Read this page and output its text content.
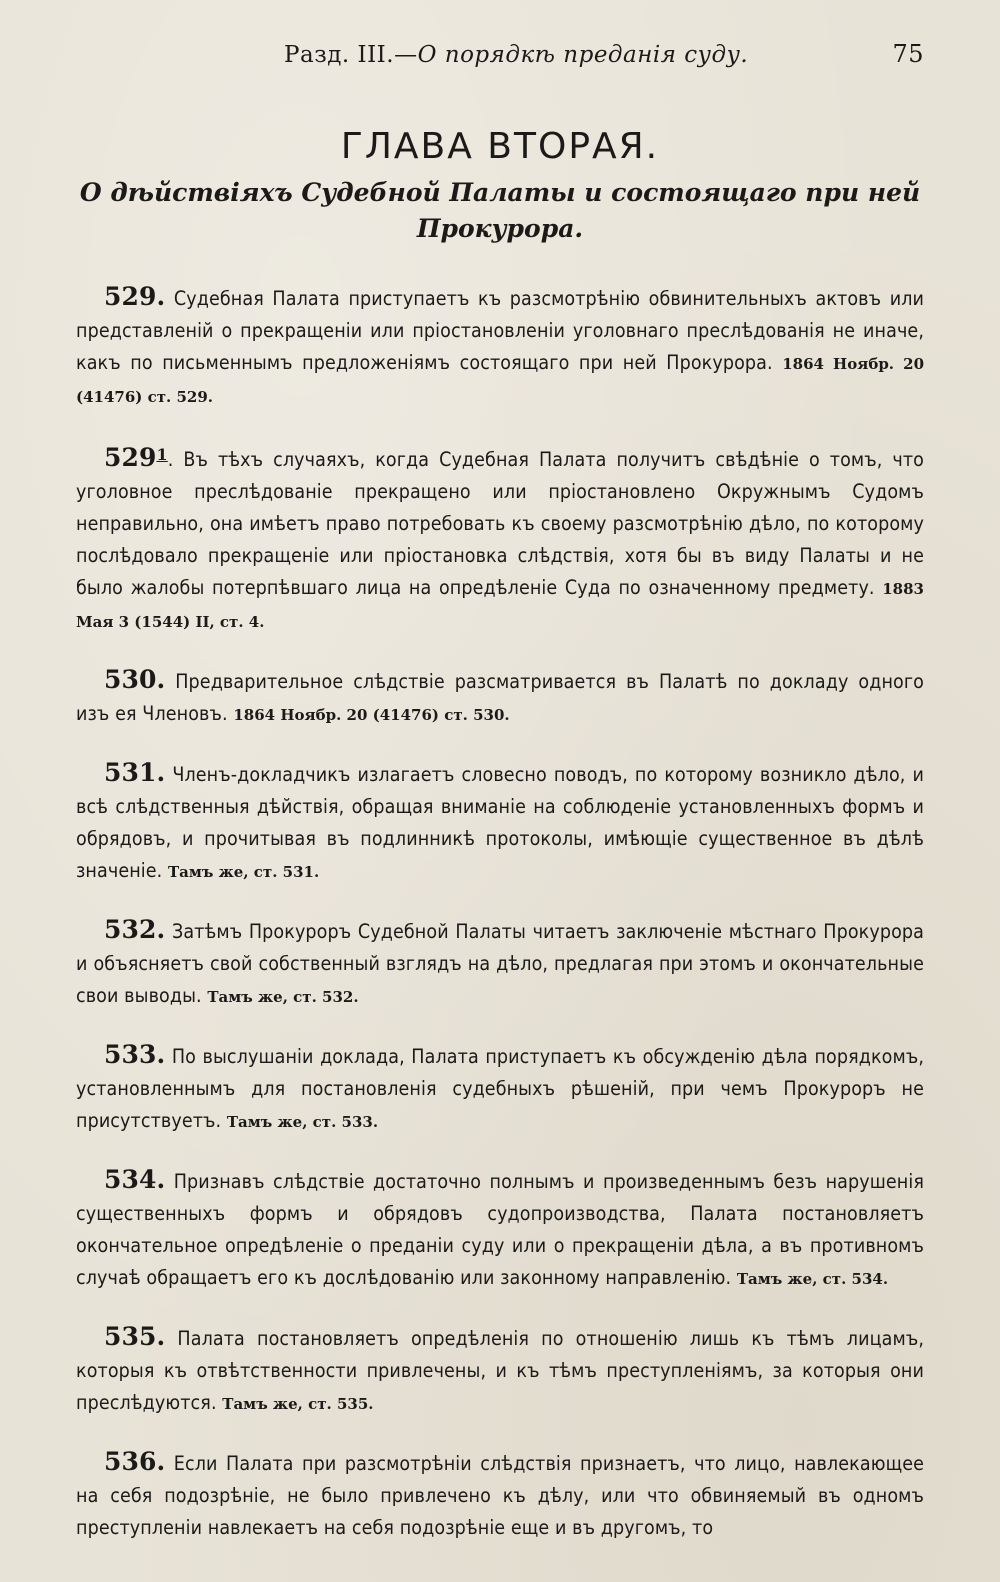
Разд. III.—О порядкѣ преданія суду.	75
ГЛАВА ВТОРАЯ.
О дѣйствіяхъ Судебной Палаты и состоящаго при ней Прокурора.

529. Судебная Палата приступаетъ къ разсмотрѣнію обвинительныхъ актовъ или представленій о прекращеніи или пріостановленіи уголовнаго преслѣдованія не иначе, какъ по письменнымъ предложеніямъ состоящаго при ней Прокурора. 1864 Ноябр. 20 (41476) ст. 529.

$529^1$. Въ тѣхъ случаяхъ, когда Судебная Палата получитъ свѣдѣніе о томъ, что уголовное преслѣдованіе прекращено или пріостановлено Окружнымъ Судомъ неправильно, она имѣетъ право потребовать къ своему разсмотрѣнію дѣло, по которому послѣдовало прекращеніе или пріостановка слѣдствія, хотя бы въ виду Палаты и не было жалобы потерпѣвшаго лица на опредѣленіе Суда по означенному предмету. 1883 Мая 3 (1544) II, ст. 4.

530. Предварительное слѣдствіе разсматривается въ Палатѣ по докладу одного изъ ея Членовъ. 1864 Ноябр. 20 (41476) ст. 530.

531. Членъ-докладчикъ излагаетъ словесно поводъ, по которому возникло дѣло, и всѣ слѣдственныя дѣйствія, обращая вниманіе на соблюденіе установленныхъ формъ и обрядовъ, и прочитывая въ подлинникѣ протоколы, имѣющіе существенное въ дѣлѣ значеніе. Тамъ же, ст. 531.

532. Затѣмъ Прокуроръ Судебной Палаты читаетъ заключеніе мѣстнаго Прокурора и объясняетъ свой собственный взглядъ на дѣло, предлагая при этомъ и окончательные свои выводы. Тамъ же, ст. 532.

533. По выслушаніи доклада, Палата приступаетъ къ обсужденію дѣла порядкомъ, установленнымъ для постановленія судебныхъ рѣшеній, при чемъ Прокуроръ не присутствуетъ. Тамъ же, ст. 533.

534. Признавъ слѣдствіе достаточно полнымъ и произведеннымъ безъ нарушенія существенныхъ формъ и обрядовъ судопроизводства, Палата постановляетъ окончательное опредѣленіе о преданіи суду или о прекращеніи дѣла, а въ противномъ случаѣ обращаетъ его къ дослѣдованію или законному направленію. Тамъ же, ст. 534.

535. Палата постановляетъ опредѣленія по отношенію лишь къ тѣмъ лицамъ, которыя къ отвѣтственности привлечены, и къ тѣмъ преступленіямъ, за которыя они преслѣдуются. Тамъ же, ст. 535.

536. Если Палата при разсмотрѣніи слѣдствія признаетъ, что лицо, навлекающее на себя подозрѣніе, не было привлечено къ дѣлу, или что обвиняемый въ одномъ преступленіи навлекаетъ на себя подозрѣніе еще и въ другомъ, то
